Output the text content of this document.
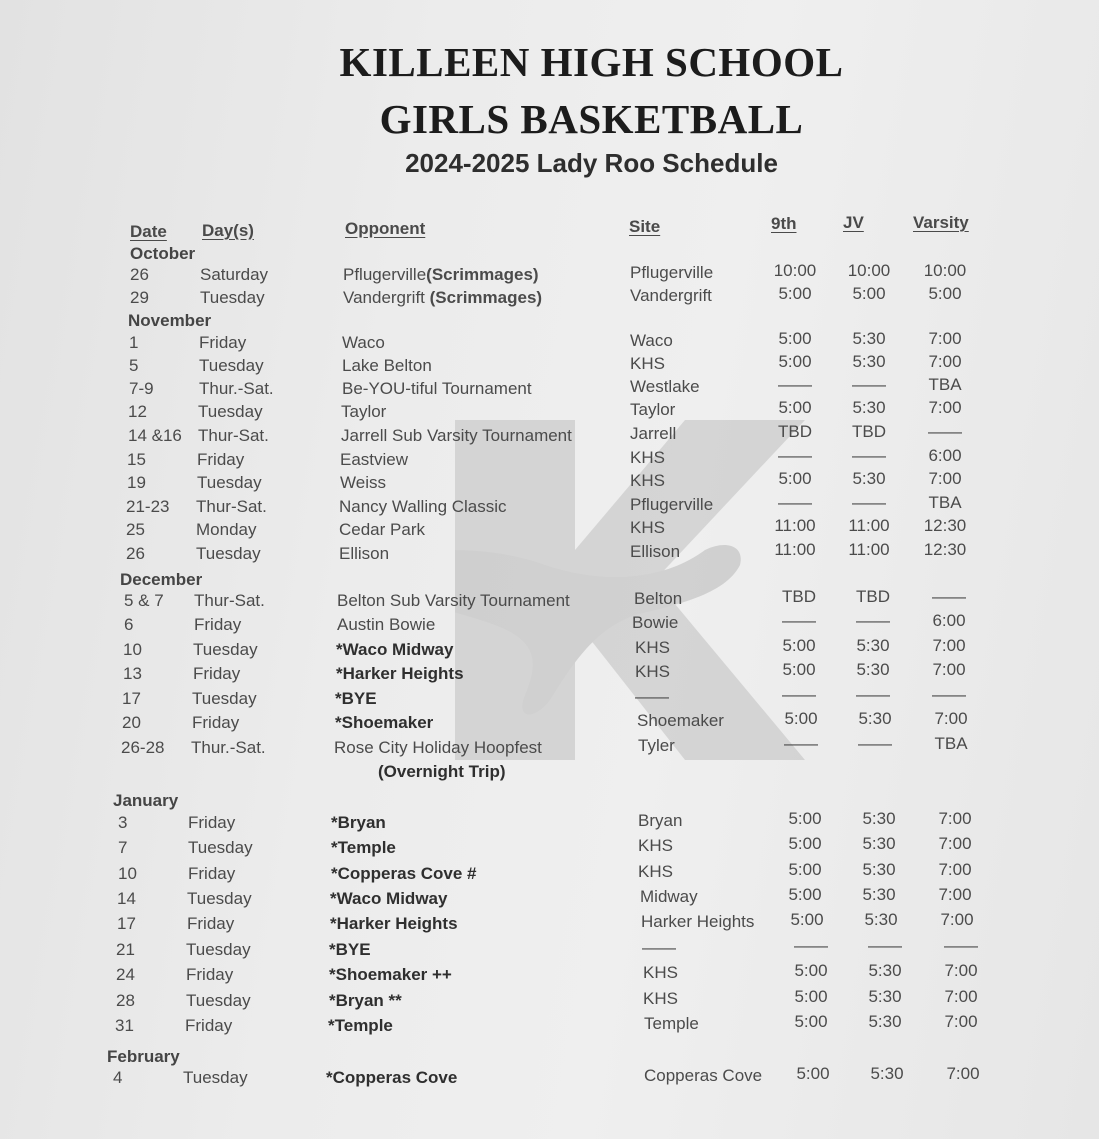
KILLEEN HIGH SCHOOL
GIRLS BASKETBALL
2024-2025 Lady Roo Schedule
Date Day(s)	Opponent	Site	9th	JV	Varsity
October
November
December
January
February
26	Saturday	Pflugerville(Scrimmages)	Pflugerville	10:00	10:00	10:00
29	Tuesday	Vandergrift (Scrimmages)	Vandergrift	5:00	5:00	5:00
1	Friday	Waco	Waco	5:00	5:30	7:00
5	Tuesday	Lake Belton	KHS	5:00	5:30	7:00
7-9	Thur.-Sat.	Be-YOU-tiful Tournament	Westlake	——	——	TBA
12	Tuesday	Taylor	Taylor	5:00	5:30	7:00
14 &16 Thur-Sat.	Jarrell Sub Varsity Tournament	Jarrell	TBD	TBD	——
15	Friday	Eastview	KHS	——	——	6:00
19	Tuesday	Weiss	KHS	5:00	5:30	7:00
21-23 Thur-Sat.	Nancy Walling Classic	Pflugerville	——	——	TBA
25	Monday	Cedar Park	KHS	11:00	11:00	12:30
26	Tuesday	Ellison	Ellison	11:00	11:00	12:30
5 & 7 Thur-Sat.	Belton Sub Varsity Tournament	Belton	TBD	TBD	——
6	Friday	Austin Bowie	Bowie	——	——	6:00
10	Tuesday	*Waco Midway	KHS	5:00	5:30	7:00
13	Friday	*Harker Heights	KHS	5:00	5:30	7:00
17	Tuesday	*BYE	——	——	——	——
20	Friday	*Shoemaker	Shoemaker	5:00	5:30	7:00
26-28 Thur.-Sat.	Rose City Holiday Hoopfest	Tyler	——	——	TBA
(Overnight Trip)
3	Friday	*Bryan	Bryan	5:00	5:30	7:00
7	Tuesday	*Temple	KHS	5:00	5:30	7:00
10	Friday	*Copperas Cove #	KHS	5:00	5:30	7:00
14	Tuesday	*Waco Midway	Midway	5:00	5:30	7:00
17	Friday	*Harker Heights	Harker Heights	5:00	5:30	7:00
21	Tuesday	*BYE	——	——	——	——
24	Friday	*Shoemaker ++	KHS	5:00	5:30	7:00
28	Tuesday	*Bryan **	KHS	5:00	5:30	7:00
31	Friday	*Temple	Temple	5:00	5:30	7:00
4	Tuesday	*Copperas Cove	Copperas Cove	5:00	5:30	7:00
